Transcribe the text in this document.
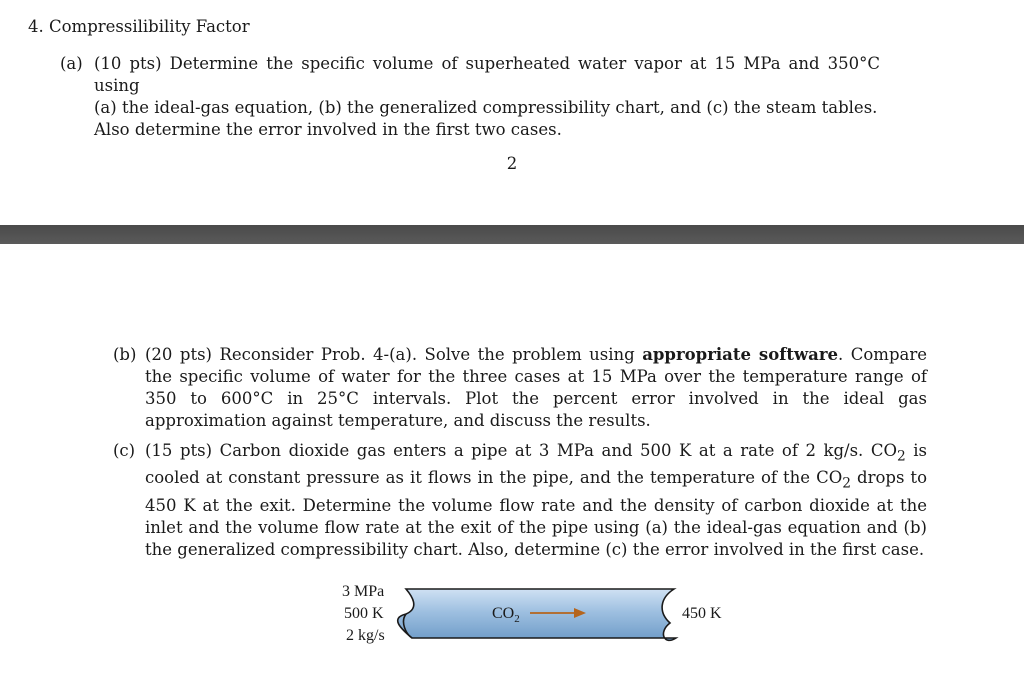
4. Compressilibility Factor
(a) (10 pts) Determine the specific volume of superheated water vapor at 15 MPa and 350°C using
(a) the ideal-gas equation, (b) the generalized compressibility chart, and (c) the steam tables.
Also determine the error involved in the first two cases.
2
(b) (20 pts) Reconsider Prob. 4-(a). Solve the problem using appropriate software. Compare the specific volume of water for the three cases at 15 MPa over the temperature range of 350 to 600°C in 25°C intervals. Plot the percent error involved in the ideal gas approximation against temperature, and discuss the results.
(c) (15 pts) Carbon dioxide gas enters a pipe at 3 MPa and 500 K at a rate of 2 kg/s. $CO_2$ is cooled at constant pressure as it flows in the pipe, and the temperature of the $CO_2$ drops to 450 K at the exit. Determine the volume flow rate and the density of carbon dioxide at the inlet and the volume flow rate at the exit of the pipe using (a) the ideal-gas equation and (b) the generalized compressibility chart. Also, determine (c) the error involved in the first case.
3 MPa
500 K
2 kg/s
$CO_2$	450 K
